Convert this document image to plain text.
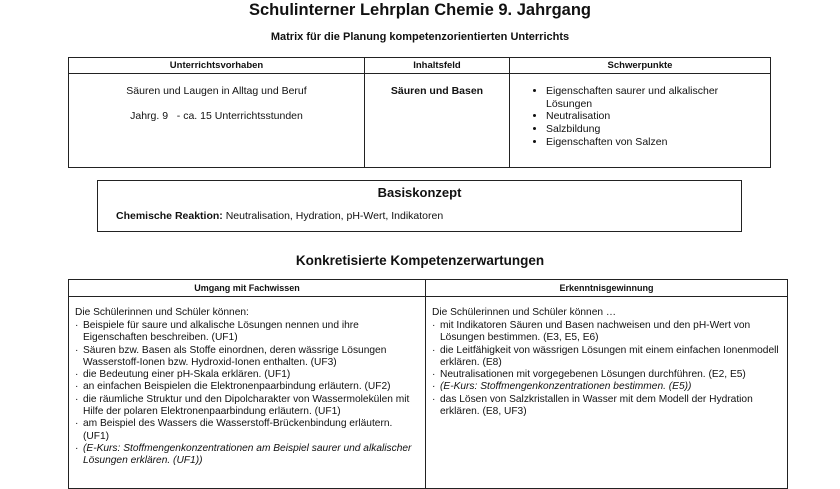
Schulinterner Lehrplan Chemie 9. Jahrgang
Matrix für die Planung kompetenzorientierten Unterrichts
Unterrichtsvorhaben
Säuren und Laugen in Alltag und Beruf
Jahrg. 9   - ca. 15 Unterrichtsstunden
Inhaltsfeld
Säuren und Basen
Schwerpunkte
• Eigenschaften saurer und alkalischer Lösungen
• Neutralisation
• Salzbildung
• Eigenschaften von Salzen
Basiskonzept
Chemische Reaktion: Neutralisation, Hydration, pH-Wert, Indikatoren
Konkretisierte Kompetenzerwartungen
Umgang mit Fachwissen
Die Schülerinnen und Schüler können:
· Beispiele für saure und alkalische Lösungen nennen und ihre Eigenschaften beschreiben. (UF1)
· Säuren bzw. Basen als Stoffe einordnen, deren wässrige Lösungen Wasserstoff-Ionen bzw. Hydroxid-Ionen enthalten. (UF3)
· die Bedeutung einer pH-Skala erklären. (UF1)
· an einfachen Beispielen die Elektronenpaarbindung erläutern. (UF2)
· die räumliche Struktur und den Dipolcharakter von Wassermolekülen mit Hilfe der polaren Elektronenpaarbindung erläutern. (UF1)
· am Beispiel des Wassers die Wasserstoff-Brückenbindung erläutern. (UF1)
· (E-Kurs: Stoffmengenkonzentrationen am Beispiel saurer und alkalischer Lösungen erklären. (UF1))
Erkenntnisgewinnung
Die Schülerinnen und Schüler können …
· mit Indikatoren Säuren und Basen nachweisen und den pH-Wert von Lösungen bestimmen. (E3, E5, E6)
· die Leitfähigkeit von wässrigen Lösungen mit einem einfachen Ionenmodell erklären. (E8)
· Neutralisationen mit vorgegebenen Lösungen durchführen. (E2, E5)
· (E-Kurs: Stoffmengenkonzentrationen bestimmen. (E5))
· das Lösen von Salzkristallen in Wasser mit dem Modell der Hydration erklären. (E8, UF3)
